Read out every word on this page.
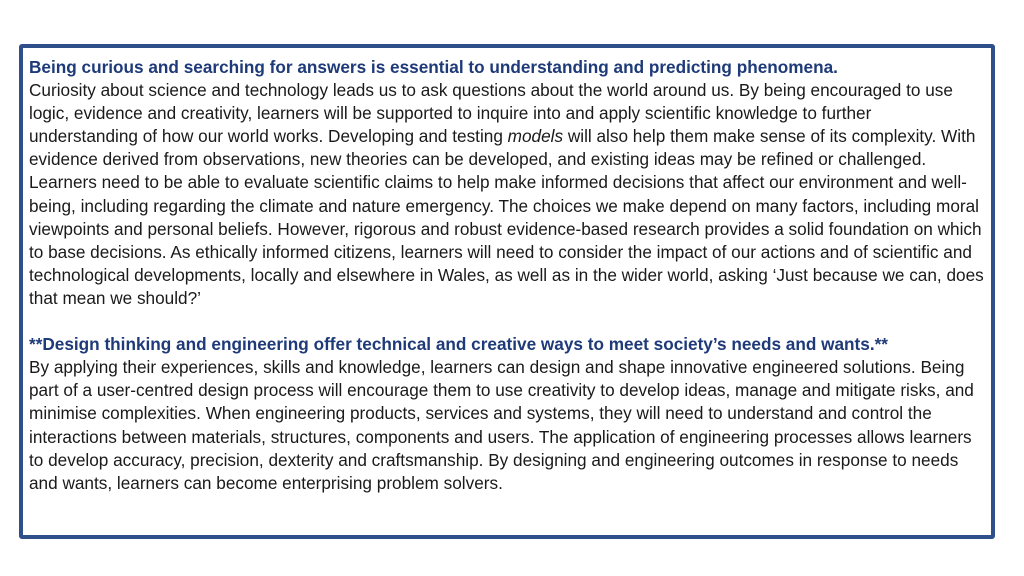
Being curious and searching for answers is essential to understanding and predicting phenomena.
Curiosity about science and technology leads us to ask questions about the world around us. By being encouraged to use logic, evidence and creativity, learners will be supported to inquire into and apply scientific knowledge to further understanding of how our world works. Developing and testing models will also help them make sense of its complexity. With evidence derived from observations, new theories can be developed, and existing ideas may be refined or challenged.
Learners need to be able to evaluate scientific claims to help make informed decisions that affect our environment and well-being, including regarding the climate and nature emergency. The choices we make depend on many factors, including moral viewpoints and personal beliefs. However, rigorous and robust evidence-based research provides a solid foundation on which to base decisions. As ethically informed citizens, learners will need to consider the impact of our actions and of scientific and technological developments, locally and elsewhere in Wales, as well as in the wider world, asking ‘Just because we can, does that mean we should?’
**Design thinking and engineering offer technical and creative ways to meet society’s needs and wants.**
By applying their experiences, skills and knowledge, learners can design and shape innovative engineered solutions. Being part of a user-centred design process will encourage them to use creativity to develop ideas, manage and mitigate risks, and minimise complexities. When engineering products, services and systems, they will need to understand and control the interactions between materials, structures, components and users. The application of engineering processes allows learners to develop accuracy, precision, dexterity and craftsmanship. By designing and engineering outcomes in response to needs and wants, learners can become enterprising problem solvers.
